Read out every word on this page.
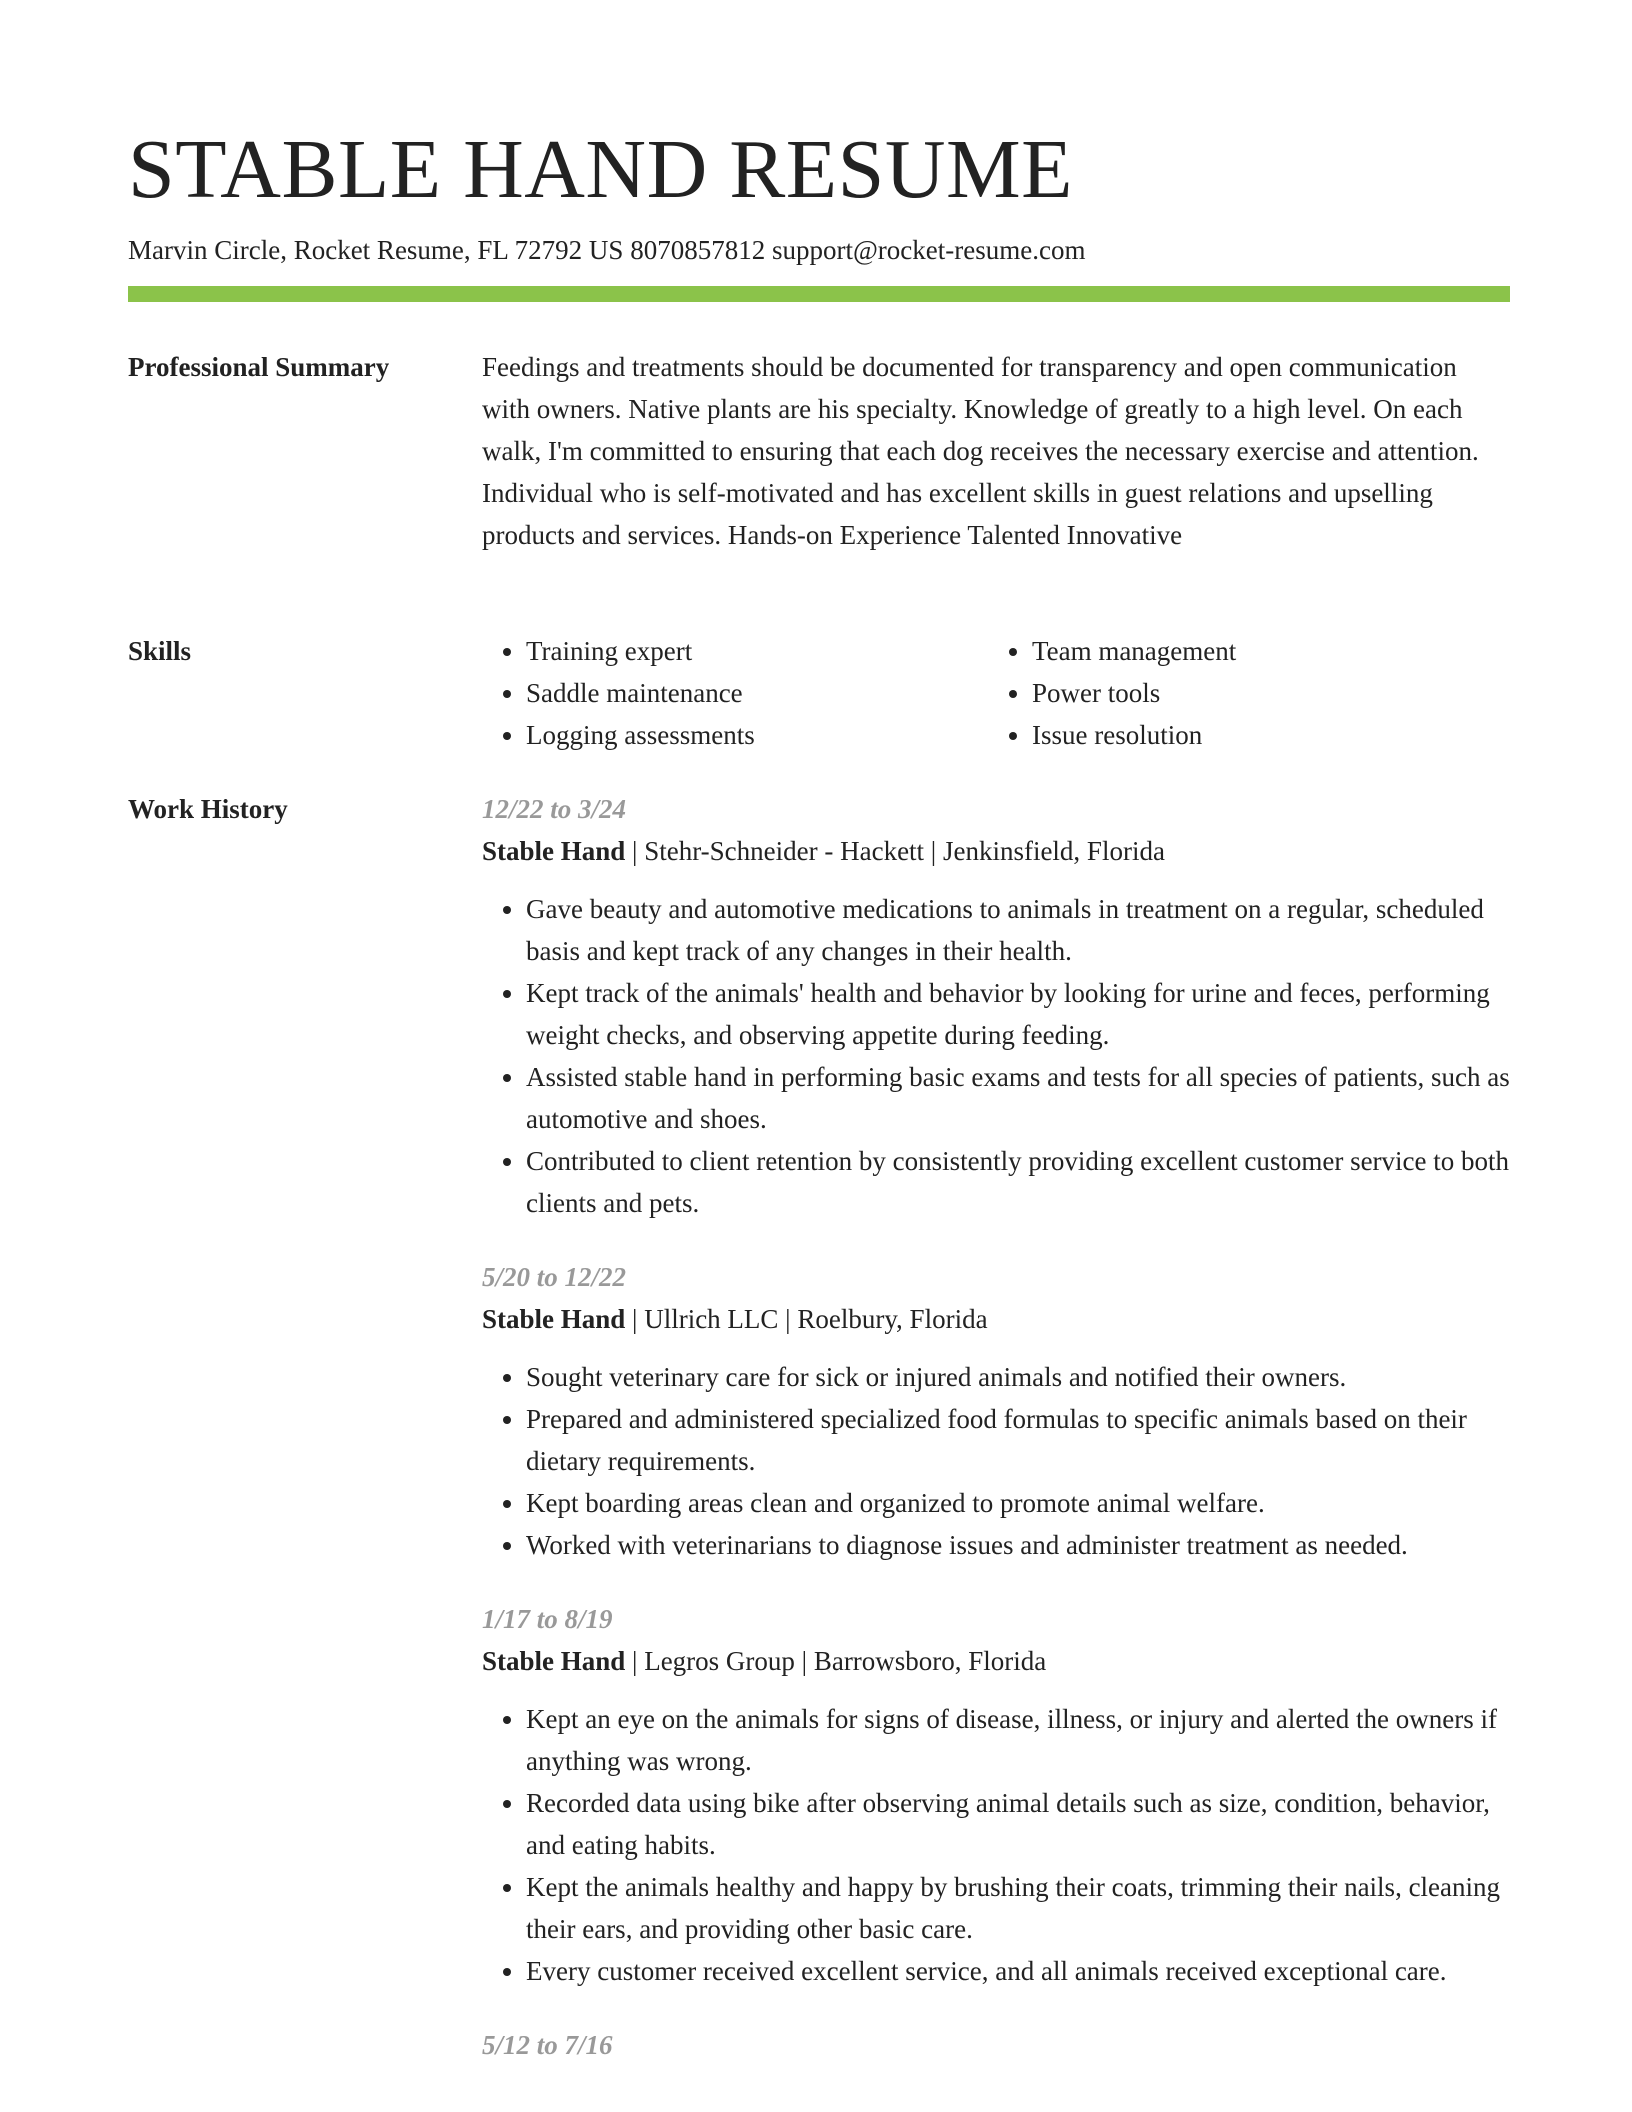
STABLE HAND RESUME
Marvin Circle, Rocket Resume, FL 72792 US 8070857812 support@rocket-resume.com
Professional Summary	Feedings and treatments should be documented for transparency and open communication with owners. Native plants are his specialty. Knowledge of greatly to a high level. On each walk, I'm committed to ensuring that each dog receives the necessary exercise and attention. Individual who is self-motivated and has excellent skills in guest relations and upselling products and services. Hands-on Experience Talented Innovative

Skills
•	Training expert
• Saddle maintenance
• Logging assessments
• Team management
• Power tools
• Issue resolution
Work History	12/22 to 3/24
Stable Hand | Stehr-Schneider - Hackett | Jenkinsfield, Florida
• Gave beauty and automotive medications to animals in treatment on a regular, scheduled basis and kept track of any changes in their health.
• Kept track of the animals' health and behavior by looking for urine and feces, performing weight checks, and observing appetite during feeding.
• Assisted stable hand in performing basic exams and tests for all species of patients, such as automotive and shoes.
• Contributed to client retention by consistently providing excellent customer service to both clients and pets.
5/20 to 12/22
Stable Hand | Ullrich LLC | Roelbury, Florida
• Sought veterinary care for sick or injured animals and notified their owners.
• Prepared and administered specialized food formulas to specific animals based on their dietary requirements.
• Kept boarding areas clean and organized to promote animal welfare.
• Worked with veterinarians to diagnose issues and administer treatment as needed.
1/17 to 8/19
Stable Hand | Legros Group | Barrowsboro, Florida
• Kept an eye on the animals for signs of disease, illness, or injury and alerted the owners if anything was wrong.
• Recorded data using bike after observing animal details such as size, condition, behavior, and eating habits.
• Kept the animals healthy and happy by brushing their coats, trimming their nails, cleaning their ears, and providing other basic care.
• Every customer received excellent service, and all animals received exceptional care.
5/12 to 7/16
